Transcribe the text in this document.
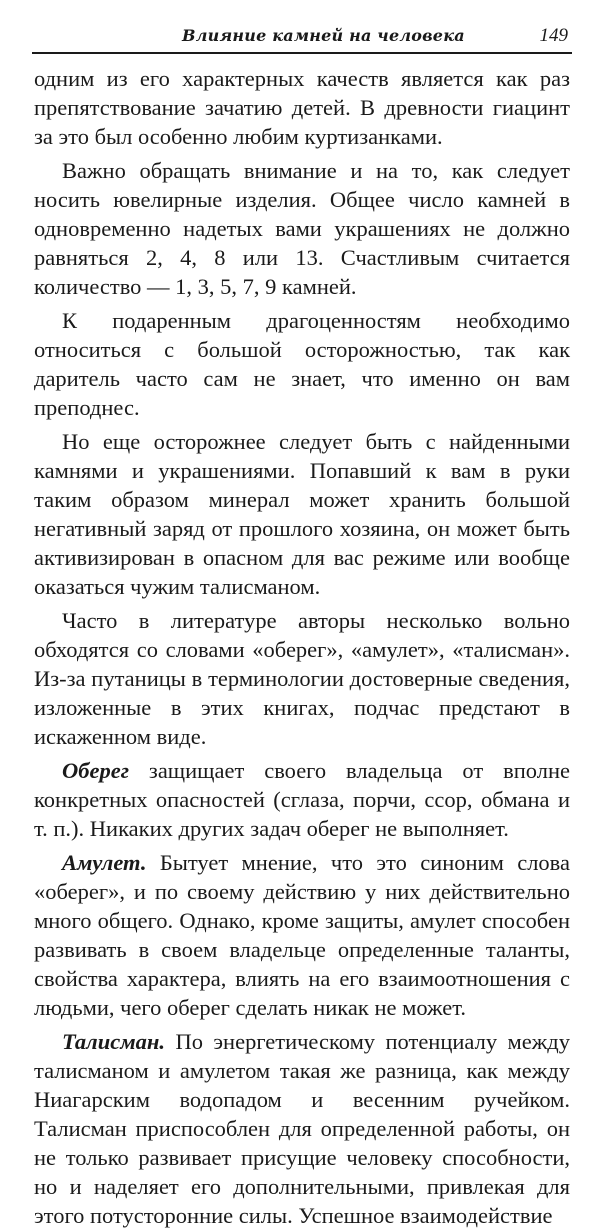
Влияние камней на человека	149

одним из его характерных качеств является как раз препятствование зачатию детей. В древности гиацинт за это был особенно любим куртизанками.

Важно обращать внимание и на то, как следует носить ювелирные изделия. Общее число камней в одновременно надетых вами украшениях не должно равняться 2, 4, 8 или 13. Счастливым считается количество — 1, 3, 5, 7, 9 камней.

К подаренным драгоценностям необходимо относиться с большой осторожностью, так как даритель часто сам не знает, что именно он вам преподнес.

Но еще осторожнее следует быть с найденными камнями и украшениями. Попавший к вам в руки таким образом минерал может хранить большой негативный заряд от прошлого хозяина, он может быть активизирован в опасном для вас режиме или вообще оказаться чужим талисманом.

Часто в литературе авторы несколько вольно обходятся со словами «оберег», «амулет», «талисман». Из-за путаницы в терминологии достоверные сведения, изложенные в этих книгах, подчас предстают в искаженном виде.

Оберег защищает своего владельца от вполне конкретных опасностей (сглаза, порчи, ссор, обмана и т. п.). Никаких других задач оберег не выполняет.

Амулет. Бытует мнение, что это синоним слова «оберег», и по своему действию у них действительно много общего. Однако, кроме защиты, амулет способен развивать в своем владельце определенные таланты, свойства характера, влиять на его взаимоотношения с людьми, чего оберег сделать никак не может.

Талисман. По энергетическому потенциалу между талисманом и амулетом такая же разница, как между Ниагарским водопадом и весенним ручейком. Талисман приспособлен для определенной работы, он не только развивает присущие человеку способности, но и наделяет его дополнительными, привлекая для этого потусторонние силы. Успешное взаимодействие
